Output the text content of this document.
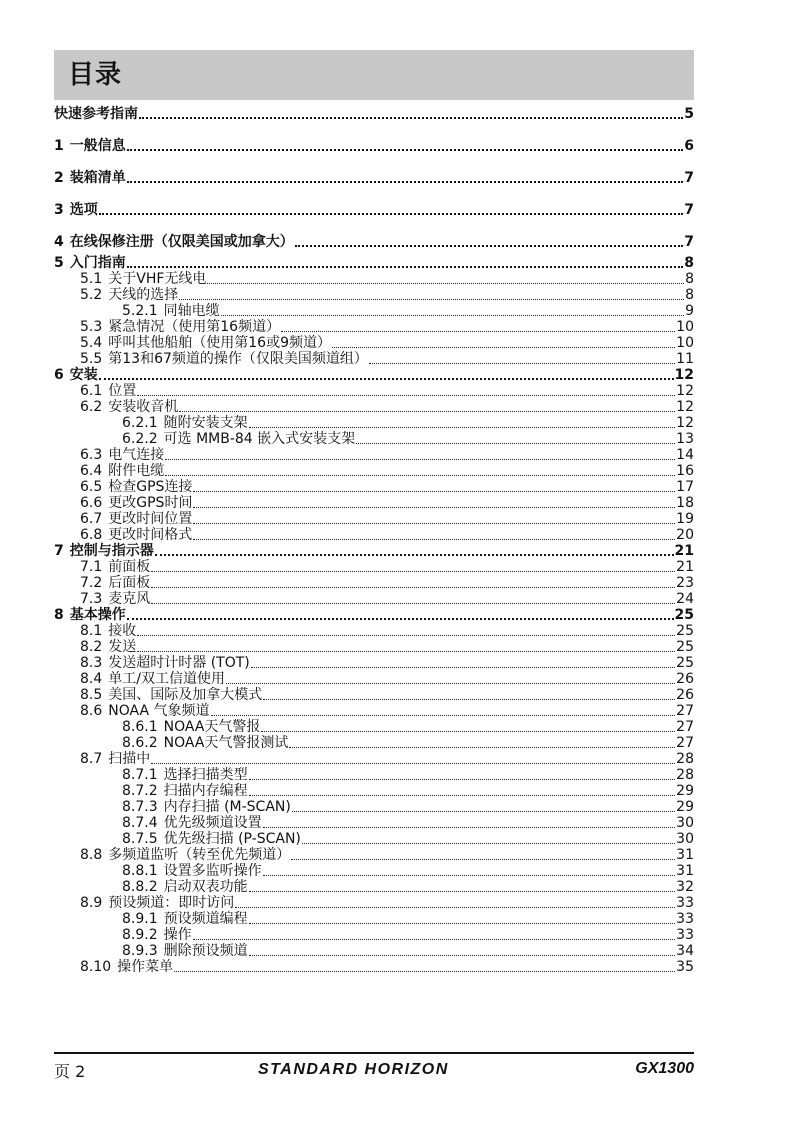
目录
快速参考指南	5
1 一般信息	6
2 装箱清单	7
3 选项	7
4 在线保修注册（仅限美国或加拿大）	7
5 入门指南	8
5.1 关于VHF无线电	8
5.2 天线的选择	8
5.2.1 同轴电缆	9
5.3 紧急情况（使用第16频道）	10
5.4 呼叫其他船舶（使用第16或9频道）	10
5.5 第13和67频道的操作（仅限美国频道组）	11
6 安装	12
6.1 位置	12
6.2 安装收音机	12
6.2.1 随附安装支架	12
6.2.2 可选 MMB-84 嵌入式安装支架	13
6.3 电气连接	14
6.4 附件电缆	16
6.5 检查GPS连接	17
6.6 更改GPS时间	18
6.7 更改时间位置	19
6.8 更改时间格式	20
7 控制与指示器	21
7.1 前面板	21
7.2 后面板	23
7.3 麦克风	24
8 基本操作	25
8.1 接收	25
8.2 发送	25
8.3 发送超时计时器 (TOT)	25
8.4 单工/双工信道使用	26
8.5 美国、国际及加拿大模式	26
8.6 NOAA 气象频道	27
8.6.1 NOAA天气警报	27
8.6.2 NOAA天气警报测试	27
8.7 扫描中	28
8.7.1 选择扫描类型	28
8.7.2 扫描内存编程	29
8.7.3 内存扫描 (M-SCAN)	29
8.7.4 优先级频道设置	30
8.7.5 优先级扫描 (P-SCAN)	30
8.8 多频道监听（转至优先频道）	31
8.8.1 设置多监听操作	31
8.8.2 启动双表功能	32
8.9 预设频道：即时访问	33
8.9.1 预设频道编程	33
8.9.2 操作	33
8.9.3 删除预设频道	34
8.10 操作菜单	35
页 2	STANDARD HORIZON	GX1300
